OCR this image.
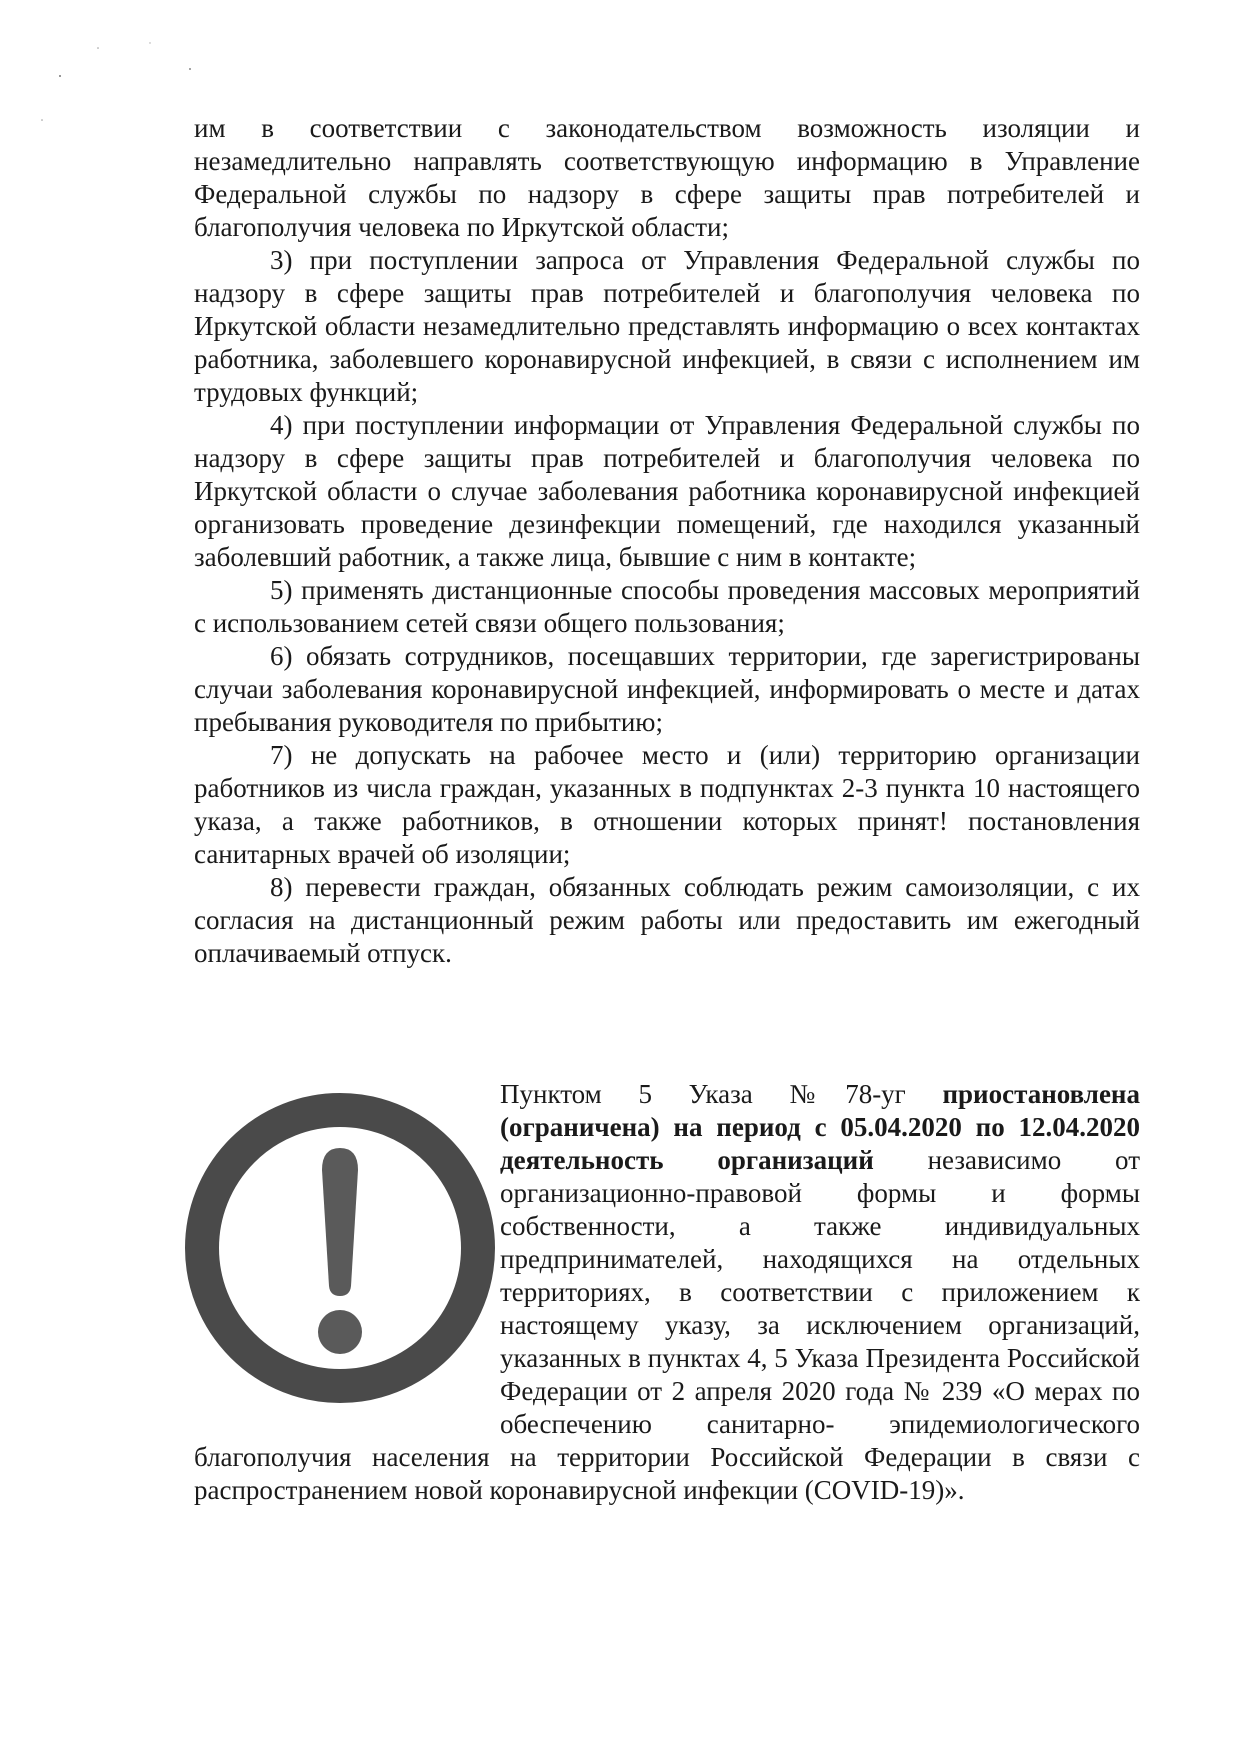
им в соответствии с законодательством возможность изоляции и незамедлительно направлять соответствующую информацию в Управление Федеральной службы по надзору в сфере защиты прав потребителей и благополучия человека по Иркутской области;

3) при поступлении запроса от Управления Федеральной службы по надзору в сфере защиты прав потребителей и благополучия человека по Иркутской области незамедлительно представлять информацию о всех контактах работника, заболевшего коронавирусной инфекцией, в связи с исполнением им трудовых функций;

4) при поступлении информации от Управления Федеральной службы по надзору в сфере защиты прав потребителей и благополучия человека по Иркутской области о случае заболевания работника коронавирусной инфекцией организовать проведение дезинфекции помещений, где находился указанный заболевший работник, а также лица, бывшие с ним в контакте;

5) применять дистанционные способы проведения массовых мероприятий с использованием сетей связи общего пользования;

6) обязать сотрудников, посещавших территории, где зарегистрированы случаи заболевания коронавирусной инфекцией, информировать о месте и датах пребывания руководителя по прибытию;

7) не допускать на рабочее место и (или) территорию организации работников из числа граждан, указанных в подпунктах 2-3 пункта 10 настоящего указа, а также работников, в отношении которых принят! постановления санитарных врачей об изоляции;

8) перевести граждан, обязанных соблюдать режим самоизоляции, с их согласия на дистанционный режим работы или предоставить им ежегодный оплачиваемый отпуск.

Пунктом 5 Указа №78-уг приостановлена (ограничена) на период с 05.04.2020 по 12.04.2020 деятельность организаций независимо от организационно-правовой формы и формы собственности, а также индивидуальных предпринимателей, находящихся на отдельных территориях, в соответствии с приложением к настоящему указу, за исключением организаций, указанных в пунктах 4, 5 Указа Президента Российской Федерации от 2 апреля 2020 года № 239 «О мерах по обеспечению санитарно- эпидемиологического благополучия населения на территории Российской Федерации в связи с распространением новой коронавирусной инфекции (COVID-19)».
